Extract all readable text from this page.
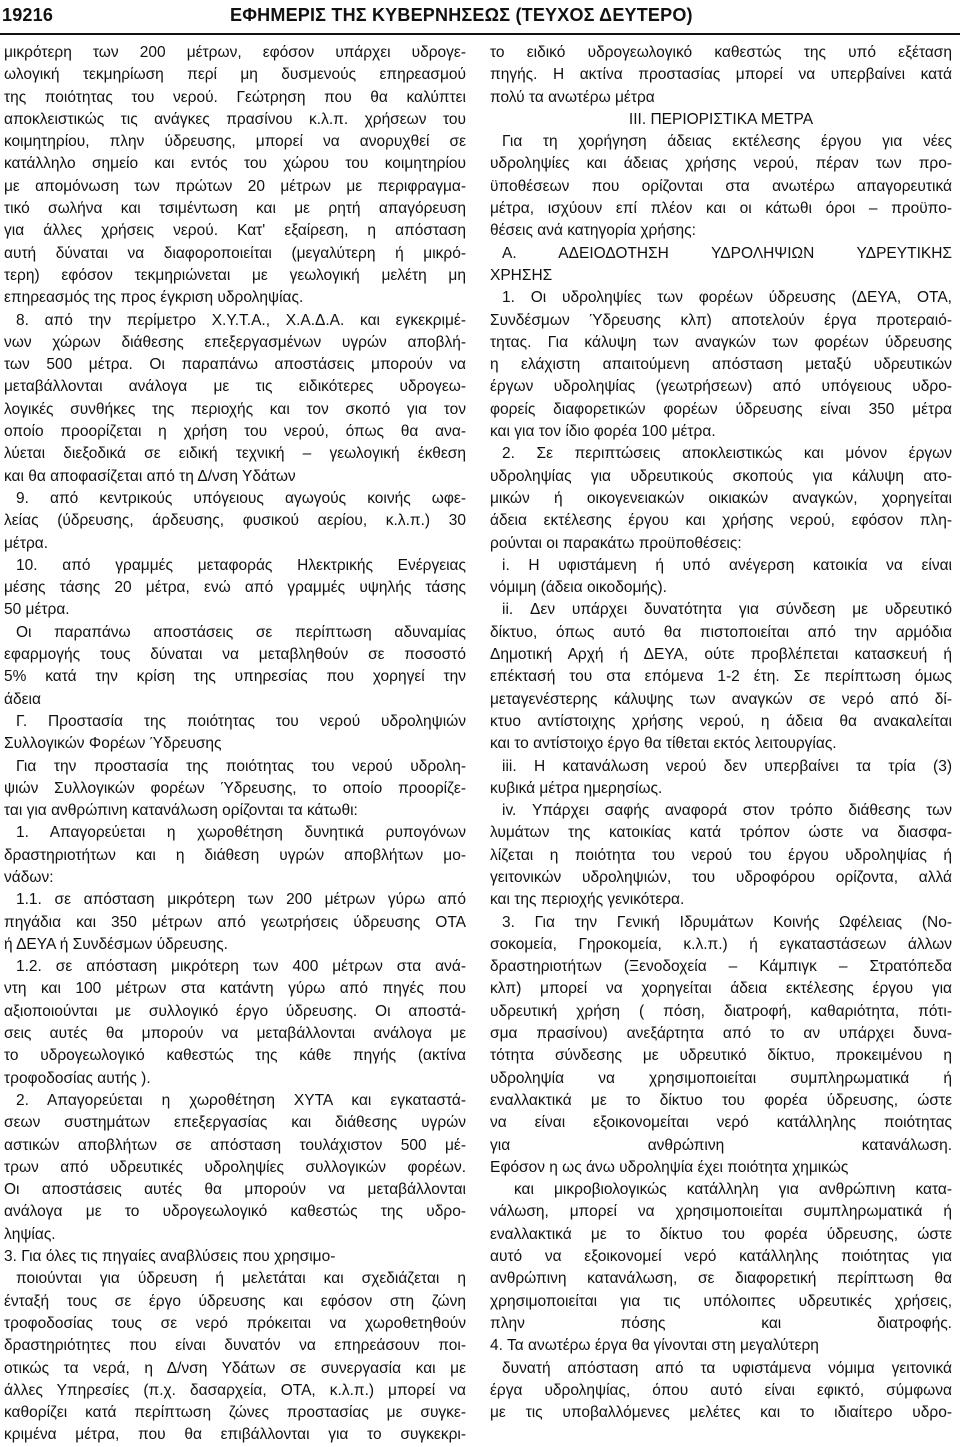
19216	ΕΦΗΜΕΡΙΣ ΤΗΣ ΚΥΒΕΡΝΗΣΕΩΣ (ΤΕΥΧΟΣ ΔΕΥΤΕΡΟ)
μικρότερη των 200 μέτρων, εφόσον υπάρχει υδρογε-
ωλογική τεκμηρίωση περί μη δυσμενούς επηρεασμού
της ποιότητας του νερού. Γεώτρηση που θα καλύπτει
αποκλειστικώς τις ανάγκες πρασίνου κ.λ.π. χρήσεων του
κοιμητηρίου, πλην ύδρευσης, μπορεί να ανορυχθεί σε
κατάλληλο σημείο και εντός του χώρου του κοιμητηρίου
με απομόνωση των πρώτων 20 μέτρων με περιφραγμα-
τικό σωλήνα και τσιμέντωση και με ρητή απαγόρευση
για άλλες χρήσεις νερού. Κατ' εξαίρεση, η απόσταση
αυτή δύναται να διαφοροποιείται (μεγαλύτερη ή μικρό-
τερη) εφόσον τεκμηριώνεται με γεωλογική μελέτη μη
επηρεασμός της προς έγκριση υδροληψίας.
8. από την περίμετρο Χ.Υ.Τ.Α., Χ.Α.Δ.Α. και εγκεκριμέ-
νων χώρων διάθεσης επεξεργασμένων υγρών αποβλή-
των 500 μέτρα. Οι παραπάνω αποστάσεις μπορούν να
μεταβάλλονται ανάλογα με τις ειδικότερες υδρογεω-
λογικές συνθήκες της περιοχής και τον σκοπό για τον
οποίο προορίζεται η χρήση του νερού, όπως θα ανα-
λύεται διεξοδικά σε ειδική τεχνική – γεωλογική έκθεση
και θα αποφασίζεται από τη Δ/νση Υδάτων
9. από κεντρικούς υπόγειους αγωγούς κοινής ωφε-
λείας (ύδρευσης, άρδευσης, φυσικού αερίου, κ.λ.π.) 30
μέτρα.
10. από γραμμές μεταφοράς Ηλεκτρικής Ενέργειας
μέσης τάσης 20 μέτρα, ενώ από γραμμές υψηλής τάσης
50 μέτρα.
Οι παραπάνω αποστάσεις σε περίπτωση αδυναμίας
εφαρμογής τους δύναται να μεταβληθούν σε ποσοστό
5% κατά την κρίση της υπηρεσίας που χορηγεί την
άδεια
Γ. Προστασία της ποιότητας του νερού υδροληψιών
Συλλογικών Φορέων Ύδρευσης
Για την προστασία της ποιότητας του νερού υδρολη-
ψιών Συλλογικών φορέων Ύδρευσης, το οποίο προορίζε-
ται για ανθρώπινη κατανάλωση ορίζονται τα κάτωθι:
1. Απαγορεύεται η χωροθέτηση δυνητικά ρυπογόνων
δραστηριοτήτων και η διάθεση υγρών αποβλήτων μο-
νάδων:
1.1. σε απόσταση μικρότερη των 200 μέτρων γύρω από
πηγάδια και 350 μέτρων από γεωτρήσεις ύδρευσης ΟΤΑ
ή ΔΕΥΑ ή Συνδέσμων ύδρευσης.
1.2. σε απόσταση μικρότερη των 400 μέτρων στα ανά-
ντη και 100 μέτρων στα κατάντη γύρω από πηγές που
αξιοποιούνται με συλλογικό έργο ύδρευσης. Οι αποστά-
σεις αυτές θα μπορούν να μεταβάλλονται ανάλογα με
το υδρογεωλογικό καθεστώς της κάθε πηγής (ακτίνα
τροφοδοσίας αυτής ).
2. Απαγορεύεται η χωροθέτηση ΧΥΤΑ και εγκαταστά-
σεων συστημάτων επεξεργασίας και διάθεσης υγρών
αστικών αποβλήτων σε απόσταση τουλάχιστον 500 μέ-
τρων από υδρευτικές υδροληψίες συλλογικών φορέων.
Οι αποστάσεις αυτές θα μπορούν να μεταβάλλονται
ανάλογα με το υδρογεωλογικό καθεστώς της υδρο-
ληψίας.
3. Για όλες τις πηγαίες αναβλύσεις που χρησιμο-
ποιούνται για ύδρευση ή μελετάται και σχεδιάζεται η
ένταξή τους σε έργο ύδρευσης και εφόσον στη ζώνη
τροφοδοσίας τους σε νερό πρόκειται να χωροθετηθούν
δραστηριότητες που είναι δυνατόν να επηρεάσουν ποι-
οτικώς τα νερά, η Δ/νση Υδάτων σε συνεργασία και με
άλλες Υπηρεσίες (π.χ. δασαρχεία, ΟΤΑ, κ.λ.π.) μπορεί να
καθορίζει κατά περίπτωση ζώνες προστασίας με συγκε-
κριμένα μέτρα, που θα επιβάλλονται για το συγκεκρι-
το ειδικό υδρογεωλογικό καθεστώς της υπό εξέταση
πηγής. Η ακτίνα προστασίας μπορεί να υπερβαίνει κατά
πολύ τα ανωτέρω μέτρα
ΙΙΙ. ΠΕΡΙΟΡΙΣΤΙΚΑ ΜΕΤΡΑ
Για τη χορήγηση άδειας εκτέλεσης έργου για νέες
υδροληψίες και άδειας χρήσης νερού, πέραν των προ-
ϋποθέσεων που ορίζονται στα ανωτέρω απαγορευτικά
μέτρα, ισχύουν επί πλέον και οι κάτωθι όροι – προϋπο-
θέσεις ανά κατηγορία χρήσης:
Α. ΑΔΕΙΟΔΟΤΗΣΗ ΥΔΡΟΛΗΨΙΩΝ ΥΔΡΕΥΤΙΚΗΣ
ΧΡΗΣΗΣ
1. Οι υδροληψίες των φορέων ύδρευσης (ΔΕΥΑ, ΟΤΑ,
Συνδέσμων Ύδρευσης κλπ) αποτελούν έργα προτεραιό-
τητας. Για κάλυψη των αναγκών των φορέων ύδρευσης
η ελάχιστη απαιτούμενη απόσταση μεταξύ υδρευτικών
έργων υδροληψίας (γεωτρήσεων) από υπόγειους υδρο-
φορείς διαφορετικών φορέων ύδρευσης είναι 350 μέτρα
και για τον ίδιο φορέα 100 μέτρα.
2. Σε περιπτώσεις αποκλειστικώς και μόνον έργων
υδροληψίας για υδρευτικούς σκοπούς για κάλυψη ατο-
μικών ή οικογενειακών οικιακών αναγκών, χορηγείται
άδεια εκτέλεσης έργου και χρήσης νερού, εφόσον πλη-
ρούνται οι παρακάτω προϋποθέσεις:
i. Η υφιστάμενη ή υπό ανέγερση κατοικία να είναι
νόμιμη (άδεια οικοδομής).
ii. Δεν υπάρχει δυνατότητα για σύνδεση με υδρευτικό
δίκτυο, όπως αυτό θα πιστοποιείται από την αρμόδια
Δημοτική Αρχή ή ΔΕΥΑ, ούτε προβλέπεται κατασκευή ή
επέκτασή του στα επόμενα 1-2 έτη. Σε περίπτωση όμως
μεταγενέστερης κάλυψης των αναγκών σε νερό από δί-
κτυο αντίστοιχης χρήσης νερού, η άδεια θα ανακαλείται
και το αντίστοιχο έργο θα τίθεται εκτός λειτουργίας.
iii. Η κατανάλωση νερού δεν υπερβαίνει τα τρία (3)
κυβικά μέτρα ημερησίως.
iv. Υπάρχει σαφής αναφορά στον τρόπο διάθεσης των
λυμάτων της κατοικίας κατά τρόπον ώστε να διασφα-
λίζεται η ποιότητα του νερού του έργου υδροληψίας ή
γειτονικών υδροληψιών, του υδροφόρου ορίζοντα, αλλά
και της περιοχής γενικότερα.
3. Για την Γενική Ιδρυμάτων Κοινής Ωφέλειας (Νο-
σοκομεία, Γηροκομεία, κ.λ.π.) ή εγκαταστάσεων άλλων
δραστηριοτήτων (Ξενοδοχεία – Κάμπιγκ – Στρατόπεδα
κλπ) μπορεί να χορηγείται άδεια εκτέλεσης έργου για
υδρευτική χρήση ( πόση, διατροφή, καθαριότητα, πότι-
σμα πρασίνου) ανεξάρτητα από το αν υπάρχει δυνα-
τότητα σύνδεσης με υδρευτικό δίκτυο, προκειμένου η
υδροληψία να χρησιμοποιείται συμπληρωματικά ή
εναλλακτικά με το δίκτυο του φορέα ύδρευσης, ώστε
να είναι εξοικονομείται νερό κατάλληλης ποιότητας
για ανθρώπινη κατανάλωση.
Εφόσον η ως άνω υδροληψία έχει ποιότητα χημικώς
και μικροβιολογικώς κατάλληλη για ανθρώπινη κατα-
νάλωση, μπορεί να χρησιμοποιείται συμπληρωματικά ή
εναλλακτικά με το δίκτυο του φορέα ύδρευσης, ώστε
αυτό να εξοικονομεί νερό κατάλληλης ποιότητας για
ανθρώπινη κατανάλωση, σε διαφορετική περίπτωση θα
χρησιμοποιείται για τις υπόλοιπες υδρευτικές χρήσεις,
πλην πόσης και διατροφής.
4. Τα ανωτέρω έργα θα γίνονται στη μεγαλύτερη
δυνατή απόσταση από τα υφιστάμενα νόμιμα γειτονικά
έργα υδροληψίας, όπου αυτό είναι εφικτό, σύμφωνα
με τις υποβαλλόμενες μελέτες και το ιδιαίτερο υδρο-
